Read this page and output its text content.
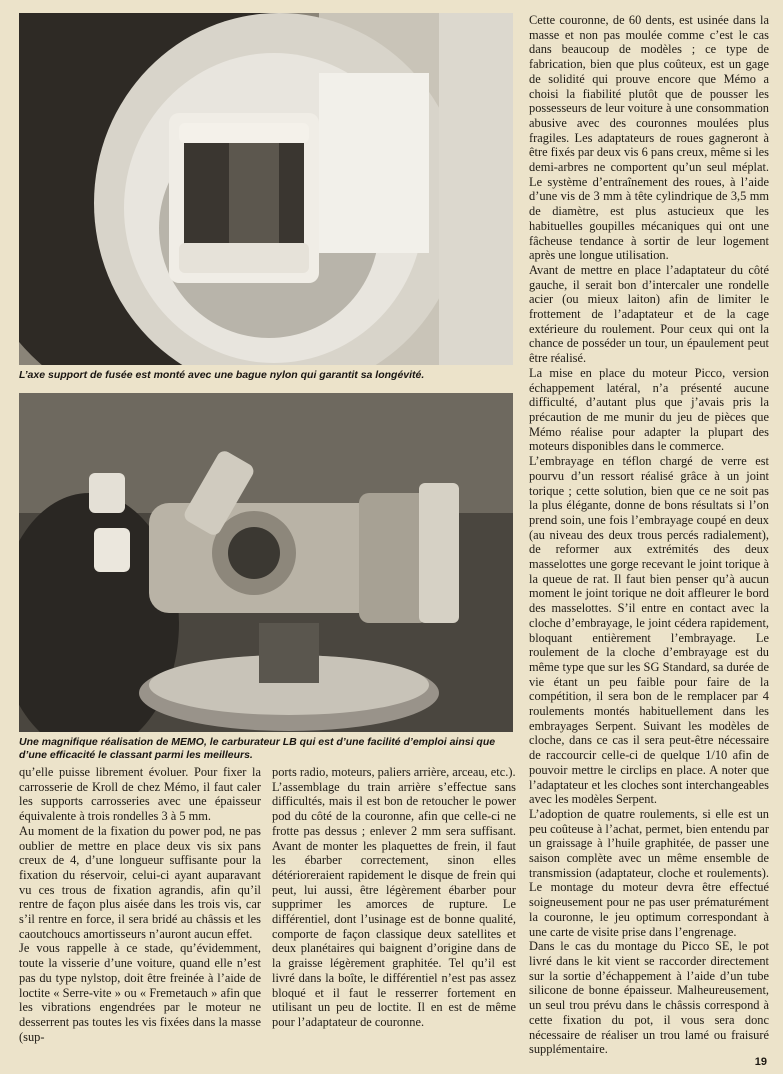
L’axe support de fusée est monté avec une bague nylon qui garantit sa longévité.
Une magnifique réalisation de MEMO, le carburateur LB qui est d’une facilité d’emploi ainsi que d’une efficacité le classant parmi les meilleurs.

Cette couronne, de 60 dents, est usinée dans la masse et non pas moulée comme c’est le cas dans beaucoup de modèles ; ce type de fabrication, bien que plus coûteux, est un gage de solidité qui prouve encore que Mémo a choisi la fiabilité plutôt que de pousser les possesseurs de leur voiture à une consommation abusive avec des couronnes moulées plus fragiles. Les adaptateurs de roues gagneront à être fixés par deux vis 6 pans creux, même si les demi-arbres ne comportent qu’un seul méplat. Le système d’entraînement des roues, à l’aide d’une vis de 3 mm à tête cylindrique de 3,5 mm de diamètre, est plus astucieux que les habituelles goupilles mécaniques qui ont une fâcheuse tendance à sortir de leur logement après une longue utilisation.

Avant de mettre en place l’adaptateur du côté gauche, il serait bon d’intercaler une rondelle acier (ou mieux laiton) afin de limiter le frottement de l’adaptateur et de la cage extérieure du roulement. Pour ceux qui ont la chance de posséder un tour, un épaulement peut être réalisé.

La mise en place du moteur Picco, version échappement latéral, n’a présenté aucune difficulté, d’autant plus que j’avais pris la précaution de me munir du jeu de pièces que Mémo réalise pour adapter la plupart des moteurs disponibles dans le commerce.

L’embrayage en téflon chargé de verre est pourvu d’un ressort réalisé grâce à un joint torique ; cette solution, bien que ce ne soit pas la plus élégante, donne de bons résultats si l’on prend soin, une fois l’embrayage coupé en deux (au niveau des deux trous percés radialement), de reformer aux extrémités des deux masselottes une gorge recevant le joint torique à la queue de rat. Il faut bien penser qu’à aucun moment le joint torique ne doit affleurer le bord des masselottes. S’il entre en contact avec la cloche d’embrayage, le joint cédera rapidement, bloquant entièrement l’embrayage. Le roulement de la cloche d’embrayage est du même type que sur les SG Standard, sa durée de vie étant un peu faible pour faire de la compétition, il sera bon de le remplacer par 4 roulements montés habituellement dans les embrayages Serpent. Suivant les modèles de cloche, dans ce cas il sera peut-être nécessaire de raccourcir celle-ci de quelque 1/10 afin de pouvoir mettre le circlips en place. A noter que l’adaptateur et les cloches sont interchangeables avec les modèles Serpent.

L’adoption de quatre roulements, si elle est un peu coûteuse à l’achat, permet, bien entendu par un graissage à l’huile graphitée, de passer une saison complète avec un même ensemble de transmission (adaptateur, cloche et roulements). Le montage du moteur devra être effectué soigneusement pour ne pas user prématurément la couronne, le jeu optimum correspondant à une carte de visite prise dans l’engrenage.

Dans le cas du montage du Picco SE, le pot livré dans le kit vient se raccorder directement sur la sortie d’échappement à l’aide d’un tube silicone de bonne épaisseur. Malheureusement, un seul trou prévu dans le châssis correspond à cette fixation du pot, il vous sera donc nécessaire de réaliser un trou lamé ou fraisuré supplémentaire.

qu’elle puisse librement évoluer. Pour fixer la carrosserie de Kroll de chez Mémo, il faut caler les supports carrosseries avec une épaisseur équivalente à trois rondelles 3 à 5 mm.

Au moment de la fixation du power pod, ne pas oublier de mettre en place deux vis six pans creux de 4, d’une longueur suffisante pour la fixation du réservoir, celui-ci ayant auparavant vu ces trous de fixation agrandis, afin qu’il rentre de façon plus aisée dans les trois vis, car s’il rentre en force, il sera bridé au châssis et les caoutchoucs amortisseurs n’auront aucun effet.

Je vous rappelle à ce stade, qu’évidemment, toute la visserie d’une voiture, quand elle n’est pas du type nylstop, doit être freinée à l’aide de loctite « Serre-vite » ou « Fremetauch » afin que les vibrations engendrées par le moteur ne desserrent pas toutes les vis fixées dans la masse (sup-

ports radio, moteurs, paliers arrière, arceau, etc.).

L’assemblage du train arrière s’effectue sans difficultés, mais il est bon de retoucher le power pod du côté de la couronne, afin que celle-ci ne frotte pas dessus ; enlever 2 mm sera suffisant. Avant de monter les plaquettes de frein, il faut les ébarber correctement, sinon elles détérioreraient rapidement le disque de frein qui peut, lui aussi, être légèrement ébarber pour supprimer les amorces de rupture. Le différentiel, dont l’usinage est de bonne qualité, comporte de façon classique deux satellites et deux planétaires qui baignent d’origine dans de la graisse légèrement graphitée. Tel qu’il est livré dans la boîte, le différentiel n’est pas assez bloqué et il faut le resserrer fortement en utilisant un peu de loctite. Il en est de même pour l’adaptateur de couronne.

19
